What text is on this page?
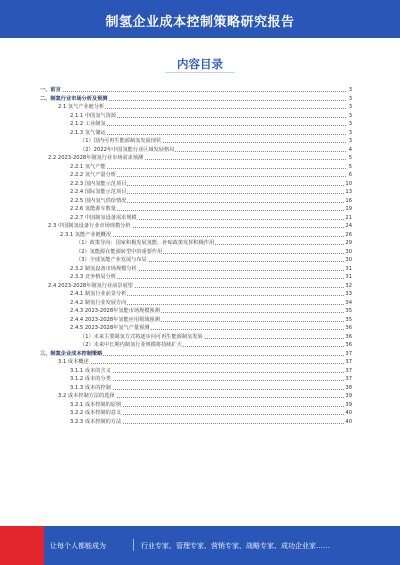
制氢企业成本控制策略研究报告
内容目录
一、前言	3
二、制氢行业市场分析及预测	3
2.1 氢气产业链分析	3
2.1.1 中国氢气资源	3
2.1.2 工业制氢	3
2.1.3 氢气储运	3
（1）国内可再生能源制氢发展现状	3
（2）2022年中国氢能行业区域发展格局	4
2.2 2023-2028年制氢行业市场需求预测	5
2.2.1 氢气产能	5
2.2.2 氢气产量分析	6
2.2.3 国内氢能示范项目	10
2.2.4 国际氢能示范项目	13
2.2.5 国内氢气供给情况	16
2.2.6 氢能源车数量	19
2.2.7 中国制氢设备需求规模	21
2.3 中国制氢设备行业市场规模分析	24
2.3.1 氢能产业链概况	26
（1）政策导向：国家积极发展氢能，补贴政策发挥积极作用	29
（2）氢能源在能源转型中的重要作用	30
（3）全球氢能产业发展与布局	30
2.3.2 制氢设备市场规模分析	31
2.3.3 竞争格局分析	31
2.4 2023-2028年制氢行业前景展望	32
2.4.1 制氢行业前景分析	33
2.4.2 制氢行业发展方向	34
2.4.3 2023-2028年氢能市场规模预测	35
2.4.4 2023-2028年氢能应用领域预测	35
2.4.5 2023-2028年氢气产量预测	36
（1）未来主要制氢方式将逐步向可再生能源制氢发展	36
（2）未来中长期内制氢行业规模将持续扩大	36
三、制氢企业成本控制策略	37
3.1 成本概述	37
3.1.1 成本的含义	37
3.1.2 成本的分类	37
3.1.3 成本的控制	38
3.2 成本控制方法的选择	39
3.2.1 成本控制的原则	39
3.2.2 成本控制的意义	40
3.2.3 成本控制的方法	40
让每个人都能成为	行业专家、管理专家、营销专家、战略专家、成功企业家……
